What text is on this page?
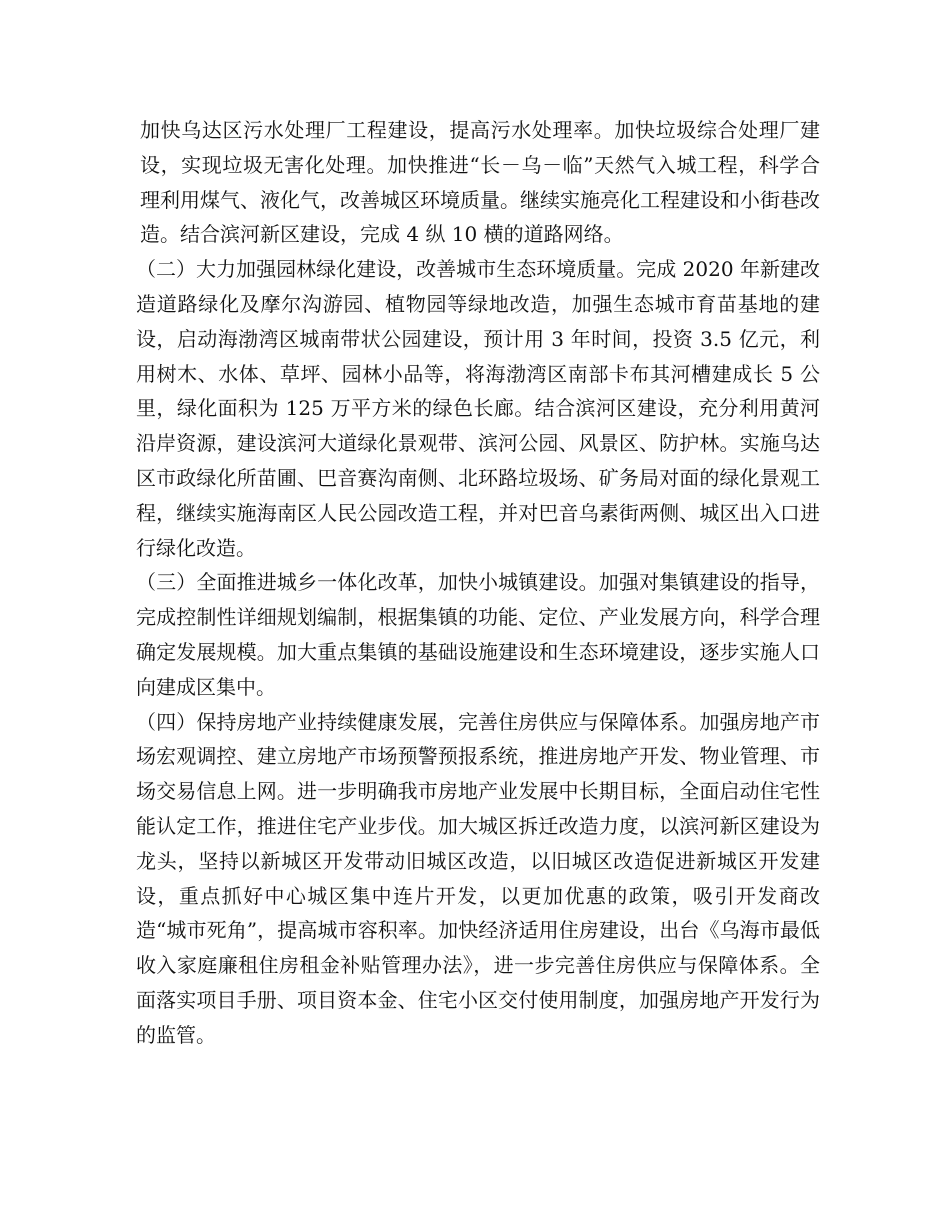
加快乌达区污水处理厂工程建设，提高污水处理率。加快垃圾综合处理厂建设，实现垃圾无害化处理。加快推进“长－乌－临”天然气入城工程，科学合理利用煤气、液化气，改善城区环境质量。继续实施亮化工程建设和小街巷改造。结合滨河新区建设，完成 4 纵 10 横的道路网络。

（二）大力加强园林绿化建设，改善城市生态环境质量。完成 2020 年新建改造道路绿化及摩尔沟游园、植物园等绿地改造，加强生态城市育苗基地的建设，启动海渤湾区城南带状公园建设，预计用 3 年时间，投资 3.5 亿元，利用树木、水体、草坪、园林小品等，将海渤湾区南部卡布其河槽建成长 5 公里，绿化面积为 125 万平方米的绿色长廊。结合滨河区建设，充分利用黄河沿岸资源，建设滨河大道绿化景观带、滨河公园、风景区、防护林。实施乌达区市政绿化所苗圃、巴音赛沟南侧、北环路垃圾场、矿务局对面的绿化景观工程，继续实施海南区人民公园改造工程，并对巴音乌素街两侧、城区出入口进行绿化改造。

（三）全面推进城乡一体化改革，加快小城镇建设。加强对集镇建设的指导，完成控制性详细规划编制，根据集镇的功能、定位、产业发展方向，科学合理确定发展规模。加大重点集镇的基础设施建设和生态环境建设，逐步实施人口向建成区集中。

（四）保持房地产业持续健康发展，完善住房供应与保障体系。加强房地产市场宏观调控、建立房地产市场预警预报系统，推进房地产开发、物业管理、市场交易信息上网。进一步明确我市房地产业发展中长期目标，全面启动住宅性能认定工作，推进住宅产业步伐。加大城区拆迁改造力度，以滨河新区建设为龙头，坚持以新城区开发带动旧城区改造，以旧城区改造促进新城区开发建设，重点抓好中心城区集中连片开发，以更加优惠的政策，吸引开发商改造“城市死角”，提高城市容积率。加快经济适用住房建设，出台《乌海市最低收入家庭廉租住房租金补贴管理办法》，进一步完善住房供应与保障体系。全面落实项目手册、项目资本金、住宅小区交付使用制度，加强房地产开发行为的监管。
